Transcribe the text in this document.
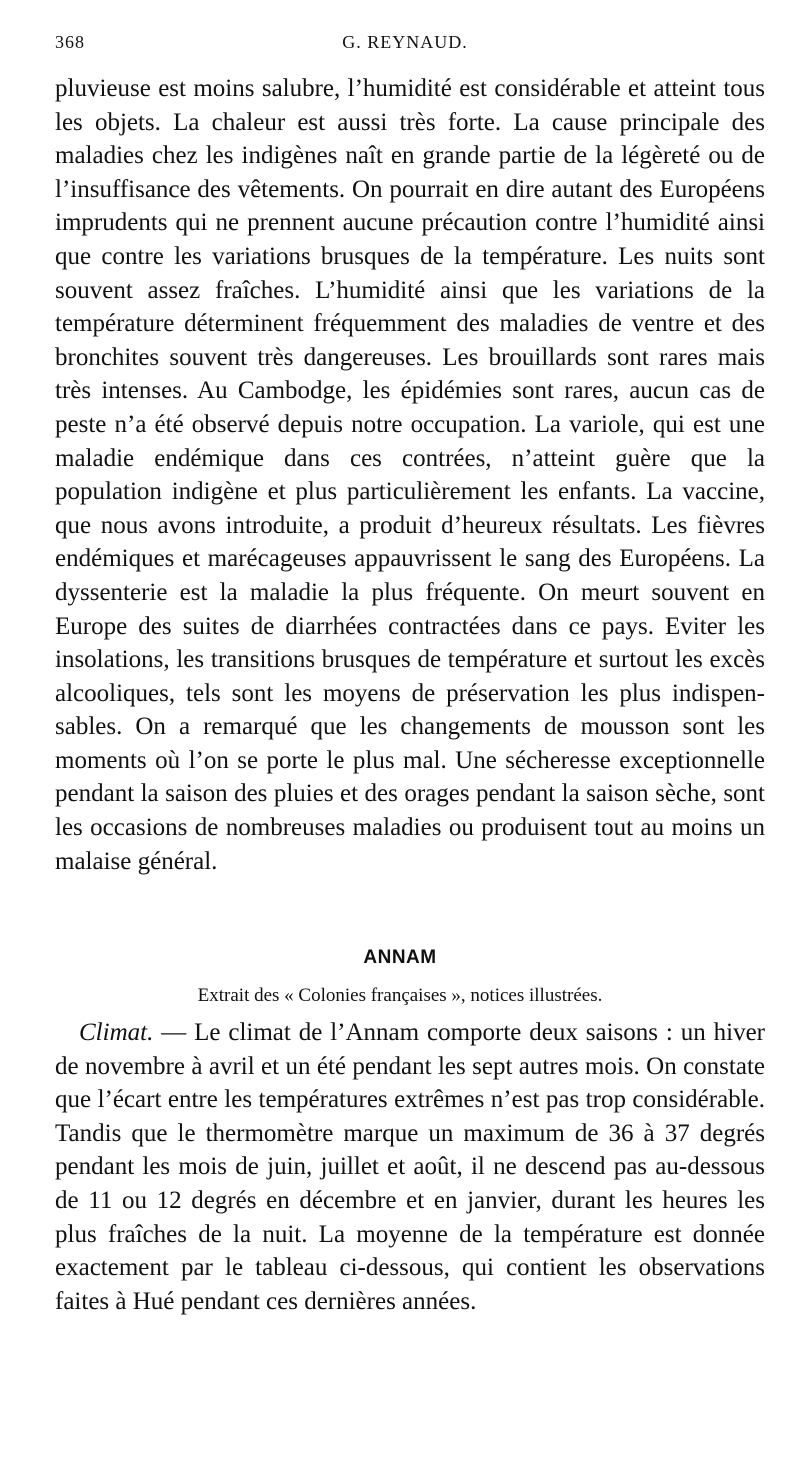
368	G. REYNAUD.

pluvieuse est moins salubre, l’humidité est considérable et atteint tous les objets. La chaleur est aussi très forte. La cause principale des maladies chez les indigènes naît en grande partie de la légèreté ou de l’insuffisance des vêtements. On pourrait en dire autant des Européens imprudents qui ne prennent aucune précaution contre l’humidité ainsi que contre les variations brusques de la température. Les nuits sont souvent assez fraîches. L’humidité ainsi que les variations de la température déterminent fréquemment des maladies de ventre et des bronchites souvent très dangereuses. Les brouillards sont rares mais très intenses. Au Cambodge, les épidémies sont rares, aucun cas de peste n’a été observé depuis notre occupation. La variole, qui est une maladie endémique dans ces contrées, n’atteint guère que la population indigène et plus particulièrement les enfants. La vaccine, que nous avons introduite, a produit d’heureux résultats. Les fièvres endémiques et marécageuses appauvrissent le sang des Européens. La dyssenterie est la maladie la plus fréquente. On meurt souvent en Europe des suites de diarrhées contractées dans ce pays. Eviter les insolations, les transitions brusques de température et surtout les excès alcooliques, tels sont les moyens de préservation les plus indispensables. On a remarqué que les changements de mousson sont les moments où l’on se porte le plus mal. Une sécheresse exceptionnelle pendant la saison des pluies et des orages pendant la saison sèche, sont les occasions de nombreuses maladies ou produisent tout au moins un malaise général.

ANNAM
Extrait des « Colonies françaises », notices illustrées.

Climat. — Le climat de l’Annam comporte deux saisons : un hiver de novembre à avril et un été pendant les sept autres mois. On constate que l’écart entre les températures extrêmes n’est pas trop considérable. Tandis que le thermomètre marque un maximum de 36 à 37 degrés pendant les mois de juin, juillet et août, il ne descend pas au-dessous de 11 ou 12 degrés en décembre et en janvier, durant les heures les plus fraîches de la nuit. La moyenne de la température est donnée exactement par le tableau ci-dessous, qui contient les observations faites à Hué pendant ces dernières années.
